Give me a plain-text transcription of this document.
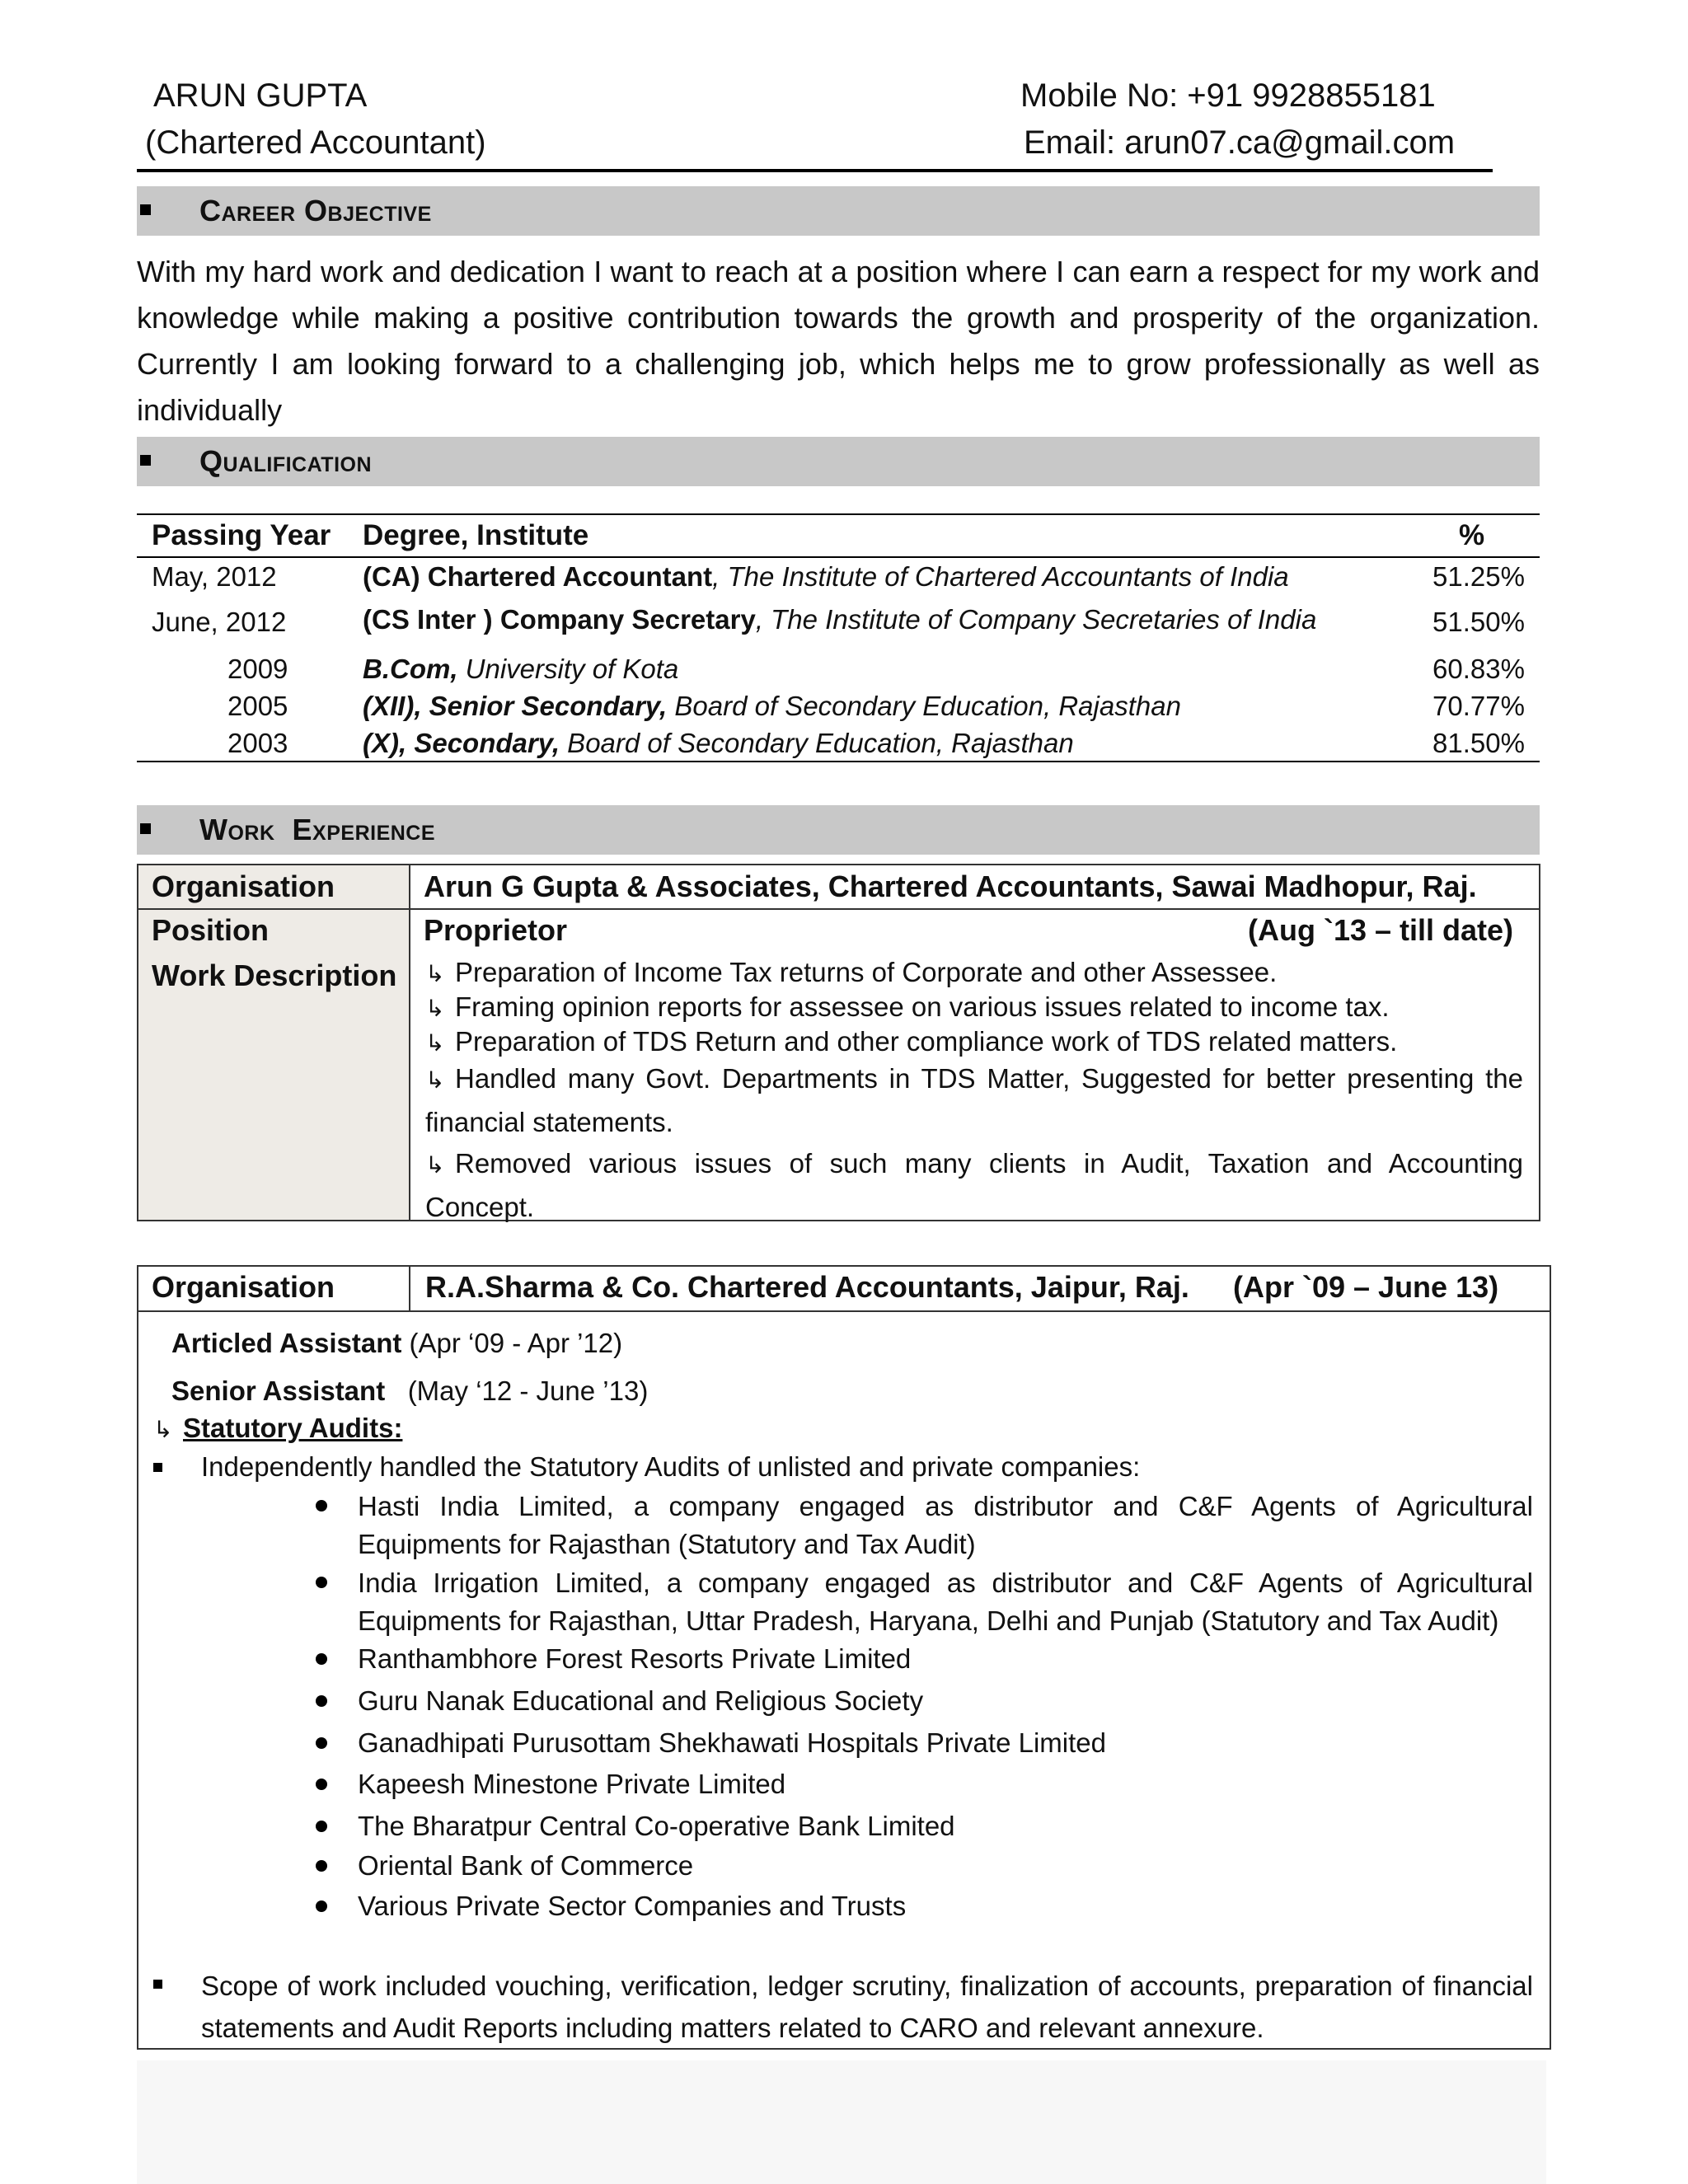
ARUN GUPTA
(Chartered Accountant)
Mobile No: +91 9928855181
Email: arun07.ca@gmail.com
Career Objective
With my hard work and dedication I want to reach at a position where I can earn a respect for my work and knowledge while making a positive contribution towards the growth and prosperity of the organization. Currently I am looking forward to a challenging job, which helps me to grow professionally as well as individually
Qualification
Passing Year Degree, Institute	%
May, 2012	(CA) Chartered Accountant, The Institute of Chartered Accountants of India	51.25%
June, 2012	(CS Inter ) Company Secretary, The Institute of Company Secretaries of India	51.50%
2009	B.Com, University of Kota	60.83%
2005	(XII), Senior Secondary, Board of Secondary Education, Rajasthan	70.77%
2003	(X), Secondary, Board of Secondary Education, Rajasthan	81.50%
Work  Experience
Organisation	Arun G Gupta & Associates, Chartered Accountants, Sawai Madhopur, Raj.
Position	Proprietor	(Aug `13 – till date)
Work Description ↳ Preparation of Income Tax returns of Corporate and other Assessee.
↳ Framing opinion reports for assessee on various issues related to income tax.
↳ Preparation of TDS Return and other compliance work of TDS related matters.
↳ Handled many Govt. Departments in TDS Matter, Suggested for better presenting the financial statements.
↳ Removed various issues of such many clients in Audit, Taxation and Accounting Concept.
Organisation	R.A.Sharma & Co. Chartered Accountants, Jaipur, Raj. (Apr `09 – June 13)
Articled Assistant (Apr ‘09 - Apr ’12)
Senior Assistant   (May ‘12 - June ’13)
↳ Statutory Audits:
Independently handled the Statutory Audits of unlisted and private companies:
Hasti India Limited, a company engaged as distributor and C&F Agents of Agricultural Equipments for Rajasthan (Statutory and Tax Audit)
India Irrigation Limited, a company engaged as distributor and C&F Agents of Agricultural Equipments for Rajasthan, Uttar Pradesh, Haryana, Delhi and Punjab (Statutory and Tax Audit)
Ranthambhore Forest Resorts Private Limited
Guru Nanak Educational and Religious Society
Ganadhipati Purusottam Shekhawati Hospitals Private Limited
Kapeesh Minestone Private Limited
The Bharatpur Central Co-operative Bank Limited
Oriental Bank of Commerce
Various Private Sector Companies and Trusts
Scope of work included vouching, verification, ledger scrutiny, finalization of accounts, preparation of financial statements and Audit Reports including matters related to CARO and relevant annexure.
